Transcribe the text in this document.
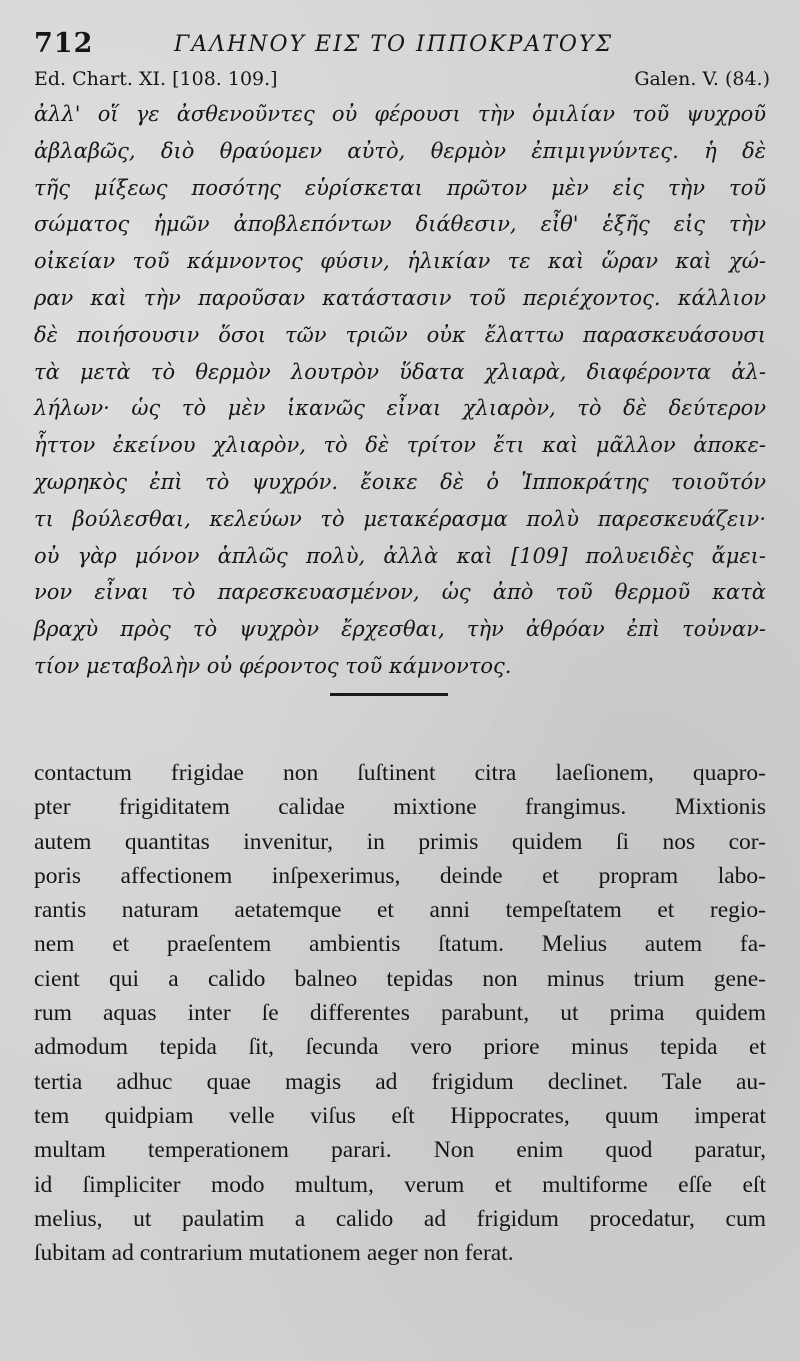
712	ΓΑΛΗΝΟΥ ΕΙΣ ΤΟ ΙΠΠΟΚΡΑΤΟΥΣ
Ed. Chart. XI. [108. 109.]	Galen. V. (84.)
ἀλλ' οἵ γε ἀσθενοῦντες οὐ φέρουσι τὴν ὁμιλίαν τοῦ ψυχροῦ
ἀβλαβῶς, διὸ θραύομεν αὐτὸ, θερμὸν ἐπιμιγνύντες. ἡ δὲ
τῆς μίξεως ποσότης εὑρίσκεται πρῶτον μὲν εἰς τὴν τοῦ
σώματος ἡμῶν ἀποβλεπόντων διάθεσιν, εἶθ' ἑξῆς εἰς τὴν
οἰκείαν τοῦ κάμνοντος φύσιν, ἡλικίαν τε καὶ ὥραν καὶ χώ-
ραν καὶ τὴν παροῦσαν κατάστασιν τοῦ περιέχοντος. κάλλιον
δὲ ποιήσουσιν ὅσοι τῶν τριῶν οὐκ ἔλαττω παρασκευάσουσι
τὰ μετὰ τὸ θερμὸν λουτρὸν ὕδατα χλιαρὰ, διαφέροντα ἀλ-
λήλων· ὡς τὸ μὲν ἱκανῶς εἶναι χλιαρὸν, τὸ δὲ δεύτερον
ἧττον ἐκείνου χλιαρὸν, τὸ δὲ τρίτον ἔτι καὶ μᾶλλον ἀποκε-
χωρηκὸς ἐπὶ τὸ ψυχρόν. ἔοικε δὲ ὁ Ἱπποκράτης τοιοῦτόν
τι βούλεσθαι, κελεύων τὸ μετακέρασμα πολὺ παρεσκευάζειν·
οὐ γὰρ μόνον ἁπλῶς πολὺ, ἀλλὰ καὶ [109] πολυειδὲς ἄμει-
νον εἶναι τὸ παρεσκευασμένον, ὡς ἀπὸ τοῦ θερμοῦ κατὰ
βραχὺ πρὸς τὸ ψυχρὸν ἔρχεσθαι, τὴν ἀθρόαν ἐπὶ τοὐναν-
τίον μεταβολὴν οὐ φέροντος τοῦ κάμνοντος.
contactum frigidae non ſuſtinent citra laeſionem, quapro-
pter frigiditatem calidae mixtione frangimus. Mixtionis
autem quantitas invenitur, in primis quidem ſi nos cor-
poris affectionem inſpexerimus, deinde et propram labo-
rantis naturam aetatemque et anni tempeſtatem et regio-
nem et praeſentem ambientis ſtatum. Melius autem fa-
cient qui a calido balneo tepidas non minus trium gene-
rum aquas inter ſe differentes parabunt, ut prima quidem
admodum tepida ſit, ſecunda vero priore minus tepida et
tertia adhuc quae magis ad frigidum declinet. Tale au-
tem quidpiam velle viſus eſt Hippocrates, quum imperat
multam temperationem parari. Non enim quod paratur,
id ſimpliciter modo multum, verum et multiforme eſſe eſt
melius, ut paulatim a calido ad frigidum procedatur, cum
ſubitam ad contrarium mutationem aeger non ferat.
